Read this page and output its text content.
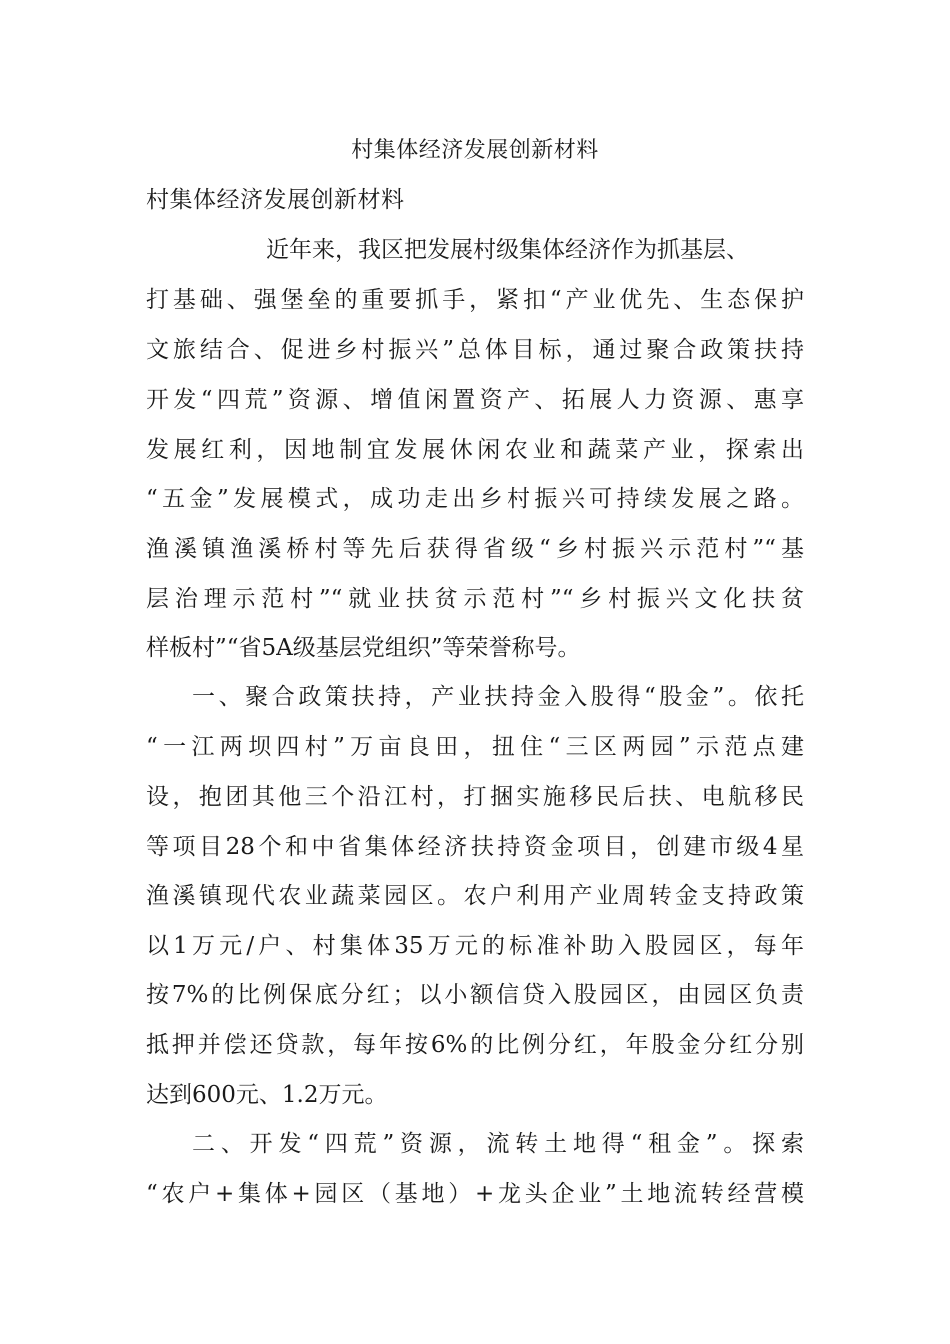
村集体经济发展创新材料
村集体经济发展创新材料
近年来，我区把发展村级集体经济作为抓基层、
打基础、强堡垒的重要抓手，紧扣“产业优先、生态保护
文旅结合、促进乡村振兴”总体目标，通过聚合政策扶持
开发“四荒”资源、增值闲置资产、拓展人力资源、惠享
发展红利，因地制宜发展休闲农业和蔬菜产业，探索出
“五金”发展模式，成功走出乡村振兴可持续发展之路。
渔溪镇渔溪桥村等先后获得省级“乡村振兴示范村”“基
层治理示范村”“就业扶贫示范村”“乡村振兴文化扶贫
样板村”“省5A级基层党组织”等荣誉称号。
一、聚合政策扶持，产业扶持金入股得“股金”。依托
“一江两坝四村”万亩良田，扭住“三区两园”示范点建
设，抱团其他三个沿江村，打捆实施移民后扶、电航移民
等项目28个和中省集体经济扶持资金项目，创建市级4星
渔溪镇现代农业蔬菜园区。农户利用产业周转金支持政策
以1万元/户、村集体35万元的标准补助入股园区，每年
按7%的比例保底分红；以小额信贷入股园区，由园区负责
抵押并偿还贷款，每年按6%的比例分红，年股金分红分别
达到600元、1.2万元。
二、开发“四荒”资源，流转土地得“租金”。探索
“农户+集体+园区（基地）+龙头企业”土地流转经营模
